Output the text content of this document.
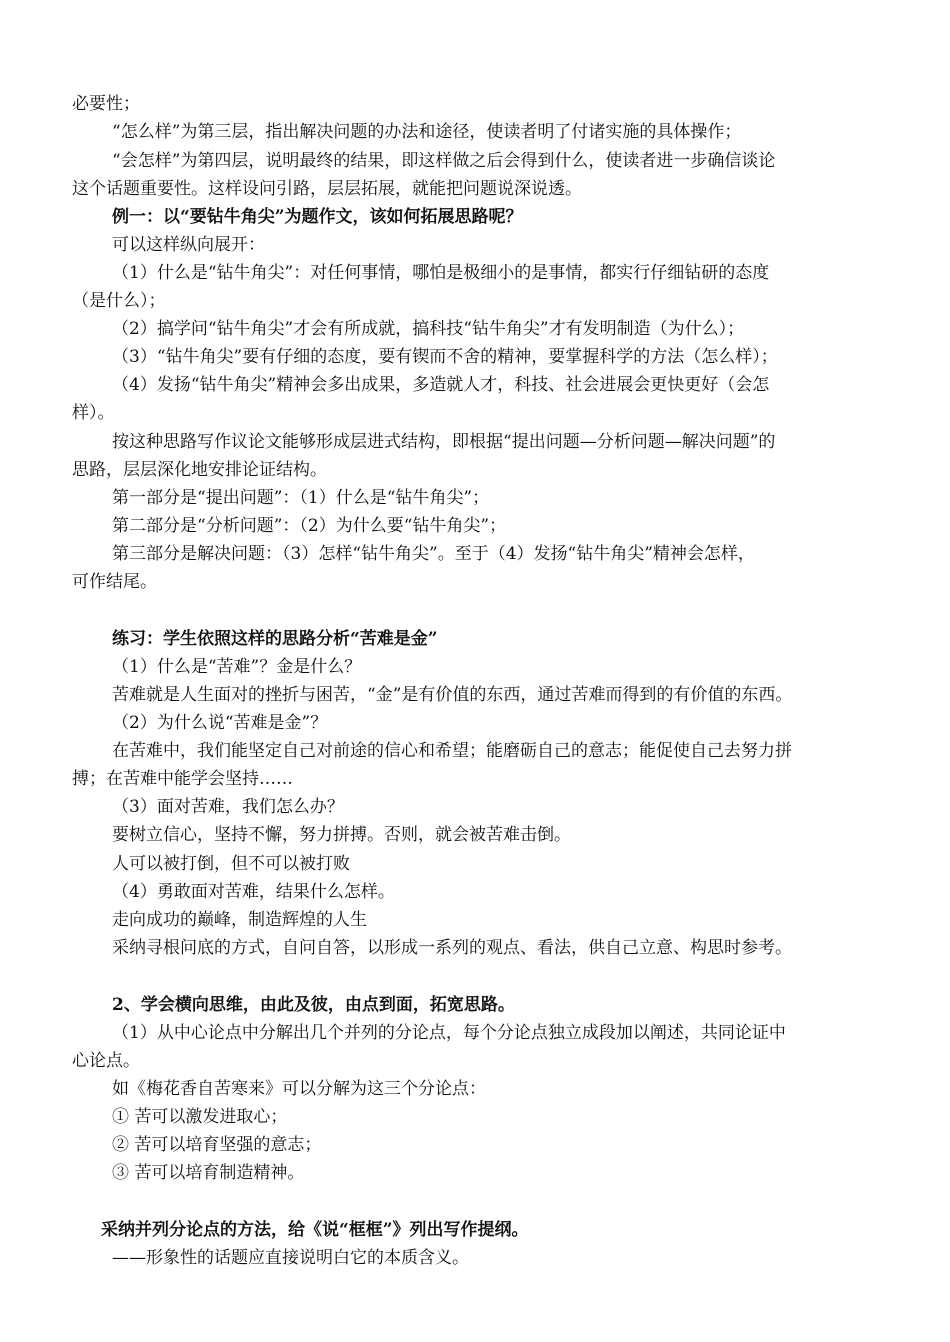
必要性；
“怎么样”为第三层，指出解决问题的办法和途径，使读者明了付诸实施的具体操作；
“会怎样”为第四层，说明最终的结果，即这样做之后会得到什么，使读者进一步确信谈论
这个话题重要性。这样设问引路，层层拓展，就能把问题说深说透。
例一：以“要钻牛角尖”为题作文，该如何拓展思路呢？
可以这样纵向展开：
（1）什么是“钻牛角尖”：对任何事情，哪怕是极细小的是事情，都实行仔细钻研的态度
（是什么）；
（2）搞学问“钻牛角尖”才会有所成就，搞科技“钻牛角尖”才有发明制造（为什么）；
（3）“钻牛角尖”要有仔细的态度，要有锲而不舍的精神，要掌握科学的方法（怎么样）；
（4）发扬“钻牛角尖”精神会多出成果，多造就人才，科技、社会进展会更快更好（会怎
样）。
按这种思路写作议论文能够形成层进式结构，即根据“提出问题—分析问题—解决问题”的
思路，层层深化地安排论证结构。
第一部分是“提出问题”：（1）什么是“钻牛角尖”；
第二部分是“分析问题”：（2）为什么要“钻牛角尖”；
第三部分是解决问题：（3）怎样“钻牛角尖”。至于（4）发扬“钻牛角尖”精神会怎样，
可作结尾。
练习：学生依照这样的思路分析“苦难是金”
（1）什么是“苦难”？金是什么？
苦难就是人生面对的挫折与困苦，“金”是有价值的东西，通过苦难而得到的有价值的东西。
（2）为什么说“苦难是金”？
在苦难中，我们能坚定自己对前途的信心和希望；能磨砺自己的意志；能促使自己去努力拼
搏；在苦难中能学会坚持……
（3）面对苦难，我们怎么办？
要树立信心，坚持不懈，努力拼搏。否则，就会被苦难击倒。
人可以被打倒，但不可以被打败
（4）勇敢面对苦难，结果什么怎样。
走向成功的巅峰，制造辉煌的人生
采纳寻根问底的方式，自问自答，以形成一系列的观点、看法，供自己立意、构思时参考。
2、学会横向思维，由此及彼，由点到面，拓宽思路。
（1）从中心论点中分解出几个并列的分论点，每个分论点独立成段加以阐述，共同论证中
心论点。
如《梅花香自苦寒来》可以分解为这三个分论点：
① 苦可以激发进取心；
② 苦可以培育坚强的意志；
③ 苦可以培育制造精神。
采纳并列分论点的方法，给《说“框框”》列出写作提纲。
——形象性的话题应直接说明白它的本质含义。
